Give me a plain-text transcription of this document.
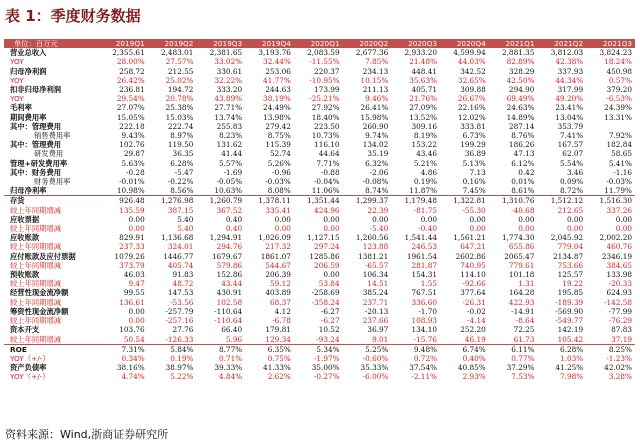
表 1：季度财务数据
单位：百万元	2019Q1	2019Q2	2019Q3	2019Q4	2020Q1	2020Q2	2020Q3	2020Q4	2021Q1	2021Q2	2021Q3
营业总收入	2,355.61	2,483.01	2,381.65	3,193.76	2,083.59	2,677.36	2,933.20	4,599.94	2,881.35	3,812.03	3,824.23
YOY	28.00%	27.57%	33.02%	32.44%	-11.55%	7.85%	21.48%	44.03%	82.89%	42.38%	18.24%
归母净利润	258.72	212.55	330.61	253.06	220.37	234.13	448.41	342.52	328.29	337.93	450.98
YOY	26.42%	25.02%	32.22%	41.77%	-10.95%	10.15%	35.63%	32.65%	42.50%	44.34%	0.57%
扣非归母净利润	236.81	194.72	333.20	244.63	173.99	211.13	405.71	309.88	294.90	317.99	379.20
YOY	29.54%	20.78%	43.89%	38.19%	-25.21%	9.46%	21.76%	26.67%	69.49%	49.20%	-6.53%
毛利率	27.07%	25.38%	27.71%	24.49%	27.92%	26.41%	27.09%	22.16%	24.63%	23.41%	24.39%
期间费用率	15.05%	15.03%	13.74%	13.98%	18.40%	15.98%	13.52%	12.02%	14.89%	13.04%	13.31%
其中：管理费用	222.18	222.74	255.83	279.42	223.50	260.90	309.16	333.81	287.14	353.79	
销售费用率	9.43%	8.97%	8.23%	8.75%	10.73%	9.74%	8.19%	6.73%	8.76%	7.41%	7.92%
其中：管理费用	102.76	119.50	131.62	115.39	116.10	134.02	153.22	199.29	186.26	167.57	182.84
研发费用	29.87	36.35	41.44	52.74	44.64	35.19	43.46	36.89	47.13	62.07	58.65
管理+研发费用率	5.63%	6.28%	5.57%	5.26%	7.71%	6.32%	5.21%	5.13%	6.12%	5.54%	5.41%
其中：财务费用	-0.28	-5.47	-1.69	-0.96	-0.88	-2.06	4.86	7.13	0.42	3.46	-1.16
财务费用率	-0.01%	-0.22%	-0.05%	-0.03%	-0.04%	-0.08%	0.19%	0.16%	0.01%	0.09%	-0.03%
归母净利率	10.98%	8.56%	10.63%	8.08%	11.06%	8.74%	11.87%	7.45%	8.61%	8.72%	11.79%
存货	926.48	1,276.98	1,260.79	1,378.11	1,351.44	1,299.37	1,179.48	1,322.81	1,310.76	1,512.12	1,516.30
较上年同期增减	135.59	387.15	367.52	335.41	424.96	22.39	-81.75	-55.30	-40.68	212.65	337.26
应收票据	0.00	5.40	0.40	0.00	0.00	0.00	0.00	0.00	0.00	0.00	0.00
较上年同期增减	0.00	5.40	0.40	0.00	0.00	-5.40	-0.40	0.00	0.00	0.00	0.00
应收账款	829.91	1,136.68	1,294.91	1,026.09	1,127.15	1,260.56	1,541.44	1,561.21	1,774.30	2,045.92	2,002.20
较上年同期增减	237.33	324.01	294.76	217.32	297.24	123.88	246.53	647.21	655.86	779.04	460.76
应付账款及应付票据	1079.26	1446.77	1679.67	1861.07	1285.86	1381.21	1961.54	2602.86	2065.47	2134.87	2346.19
较上年同期增减	373.79	405.74	579.86	544.67	206.59	-65.57	281.87	740.95	779.61	753.66	384.65
预收账款	46.03	91.83	152.86	206.39	0.00	106.34	154.31	114.10	101.18	125.57	133.98
较上年同期增减	9.47	48.72	43.44	59.12	53.84	14.51	1.55	-92.66	1.31	19.22	-20.33
经营性现金流净额	99.55	147.53	430.91	403.89	-258.69	385.24	767.51	377.64	164.28	195.85	624.93
较上年同期增减	136.61	-53.56	102.58	68.37	-358.24	237.71	336.60	-26.31	422.93	-189.39	-142.58
筹资性现金流净额	0.00	-257.79	-110.64	4.12	-6.27	-20.13	-1.70	-0.02	-14.91	-569.90	-77.99
较上年同期增减	0.00	-257.16	-110.64	-6.78	-6.27	237.66	108.93	-4.14	-8.64	-549.77	-76.29
资本开支	103.76	27.76	66.40	179.81	10.52	36.97	134.10	252.20	72.25	142.19	87.83
较上年同期增减	50.54	-126.33	5.96	129.34	-93.24	9.01	-15.76	46.19	61.73	105.42	37.19
ROE	7.31%	5.84%	8.77%	6.35%	5.34%	5.25%	9.48%	6.74%	6.11%	6.28%	8.25%
YOY（+/-）	0.34%	0.19%	0.71%	0.75%	-1.97%	-0.60%	0.72%	0.40%	0.77%	1.03%	-1.23%
资产负债率	38.16%	38.97%	39.33%	41.33%	35.00%	35.33%	37.54%	40.85%	37.29%	41.25%	42.02%
YOY（+/-）	4.74%	5.22%	4.84%	2.62%	-0.27%	-6.00%	-2.11%	2.93%	7.53%	7.98%	3.28%
资料来源：Wind,浙商证券研究所
